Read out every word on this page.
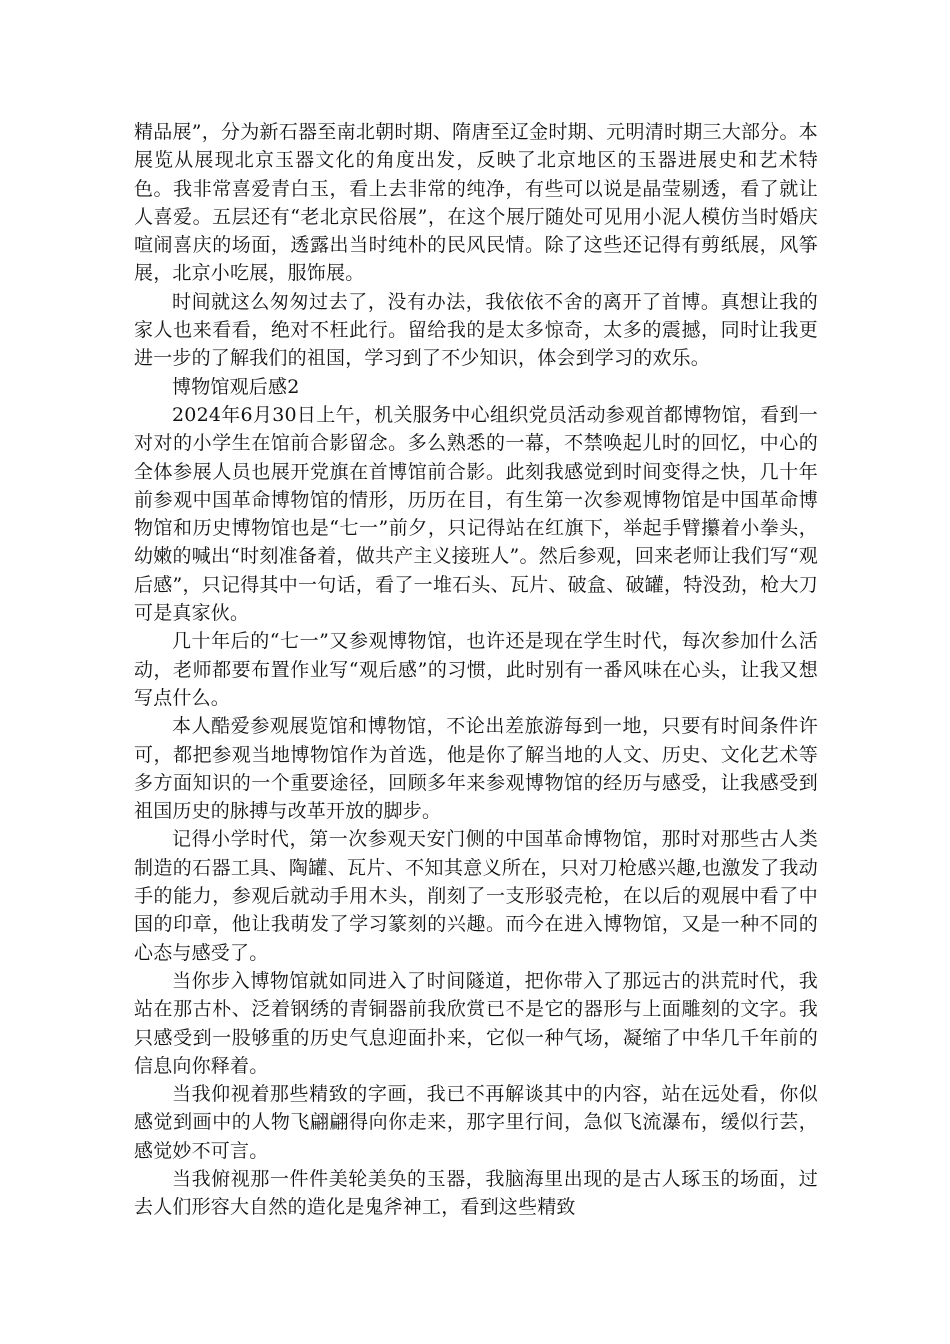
精品展”，分为新石器至南北朝时期、隋唐至辽金时期、元明清时期三大部分。本展览从展现北京玉器文化的角度出发，反映了北京地区的玉器进展史和艺术特色。我非常喜爱青白玉，看上去非常的纯净，有些可以说是晶莹剔透，看了就让人喜爱。五层还有“老北京民俗展”，在这个展厅随处可见用小泥人模仿当时婚庆喧闹喜庆的场面，透露出当时纯朴的民风民情。除了这些还记得有剪纸展，风筝展，北京小吃展，服饰展。

时间就这么匆匆过去了，没有办法，我依依不舍的离开了首博。真想让我的家人也来看看，绝对不枉此行。留给我的是太多惊奇，太多的震撼，同时让我更进一步的了解我们的祖国，学习到了不少知识，体会到学习的欢乐。

博物馆观后感2

2024年6月30日上午，机关服务中心组织党员活动参观首都博物馆，看到一对对的小学生在馆前合影留念。多么熟悉的一幕，不禁唤起儿时的回忆，中心的全体参展人员也展开党旗在首博馆前合影。此刻我感觉到时间变得之快，几十年前参观中国革命博物馆的情形，历历在目，有生第一次参观博物馆是中国革命博物馆和历史博物馆也是“七一”前夕，只记得站在红旗下，举起手臂攥着小拳头，幼嫩的喊出“时刻准备着，做共产主义接班人”。然后参观，回来老师让我们写“观后感”，只记得其中一句话，看了一堆石头、瓦片、破盒、破罐，特没劲，枪大刀可是真家伙。

几十年后的“七一”又参观博物馆，也许还是现在学生时代，每次参加什么活动，老师都要布置作业写“观后感”的习惯，此时别有一番风味在心头，让我又想写点什么。

本人酷爱参观展览馆和博物馆，不论出差旅游每到一地，只要有时间条件许可，都把参观当地博物馆作为首选，他是你了解当地的人文、历史、文化艺术等多方面知识的一个重要途径，回顾多年来参观博物馆的经历与感受，让我感受到祖国历史的脉搏与改革开放的脚步。

记得小学时代，第一次参观天安门侧的中国革命博物馆，那时对那些古人类制造的石器工具、陶罐、瓦片、不知其意义所在，只对刀枪感兴趣,也激发了我动手的能力，参观后就动手用木头，削刻了一支形驳壳枪，在以后的观展中看了中国的印章，他让我萌发了学习篆刻的兴趣。而今在进入博物馆，又是一种不同的心态与感受了。

当你步入博物馆就如同进入了时间隧道，把你带入了那远古的洪荒时代，我站在那古朴、泛着钢绣的青铜器前我欣赏已不是它的器形与上面雕刻的文字。我只感受到一股够重的历史气息迎面扑来，它似一种气场，凝缩了中华几千年前的信息向你释着。

当我仰视着那些精致的字画，我已不再解谈其中的内容，站在远处看，你似感觉到画中的人物飞翩翩得向你走来，那字里行间，急似飞流瀑布，缓似行芸，感觉妙不可言。

当我俯视那一件件美轮美奂的玉器，我脑海里出现的是古人琢玉的场面，过去人们形容大自然的造化是鬼斧神工，看到这些精致
